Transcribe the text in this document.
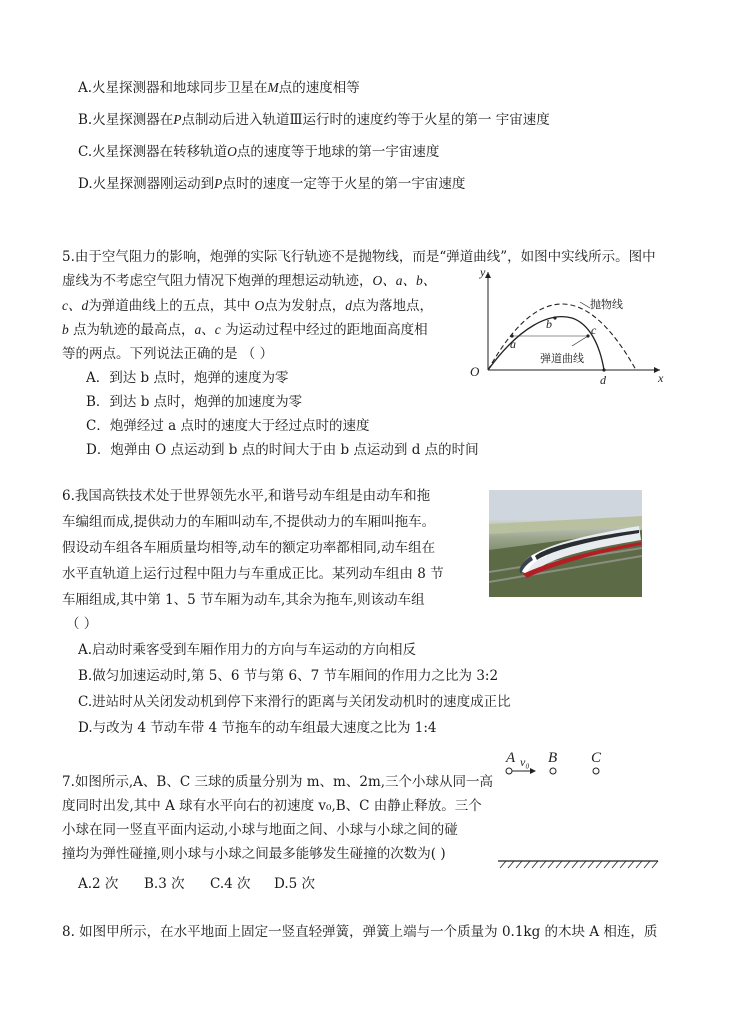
A.火星探测器和地球同步卫星在M点的速度相等
B.火星探测器在P点制动后进入轨道Ⅲ运行时的速度约等于火星的第一 宇宙速度
C.火星探测器在转移轨道O点的速度等于地球的第一宇宙速度
D.火星探测器刚运动到P点时的速度一定等于火星的第一宇宙速度
5.由于空气阻力的影响，炮弹的实际飞行轨迹不是抛物线，而是“弹道曲线”，如图中实线所示。图中
虚线为不考虑空气阻力情况下炮弹的理想运动轨迹，O、a、b、
c、d为弹道曲线上的五点，其中 O点为发射点，d点为落地点，
b 点为轨迹的最高点，a、c 为运动过程中经过的距地面高度相
等的两点。下列说法正确的是 （ ）
A．到达 b 点时，炮弹的速度为零
B．到达 b 点时，炮弹的加速度为零
C．炮弹经过 a 点时的速度大于经过点时的速度
D．炮弹由 O 点运动到 b 点的时间大于由 b 点运动到 d 点的时间
O
y
x
抛物线
弹道曲线
a
b	c
d
6.我国高铁技术处于世界领先水平,和谐号动车组是由动车和拖
车编组而成,提供动力的车厢叫动车,不提供动力的车厢叫拖车。
假设动车组各车厢质量均相等,动车的额定功率都相同,动车组在
水平直轨道上运行过程中阻力与车重成正比。某列动车组由 8 节
车厢组成,其中第 1、5 节车厢为动车,其余为拖车,则该动车组
（ ）
A.启动时乘客受到车厢作用力的方向与车运动的方向相反
B.做匀加速运动时,第 5、6 节与第 6、7 节车厢间的作用力之比为 3:2
C.进站时从关闭发动机到停下来滑行的距离与关闭发动机时的速度成正比
D.与改为 4 节动车带 4 节拖车的动车组最大速度之比为 1:4
7.如图所示,A、B、C 三球的质量分别为 m、m、2m,三个小球从同一高
度同时出发,其中 A 球有水平向右的初速度 v₀,B、C 由静止释放。三个
小球在同一竖直平面内运动,小球与地面之间、小球与小球之间的碰
撞均为弹性碰撞,则小球与小球之间最多能够发生碰撞的次数为( )
A.2 次 B.3 次 C.4 次 D.5 次
A B C
v₀
8. 如图甲所示，在水平地面上固定一竖直轻弹簧，弹簧上端与一个质量为 0.1kg 的木块 A 相连，质
